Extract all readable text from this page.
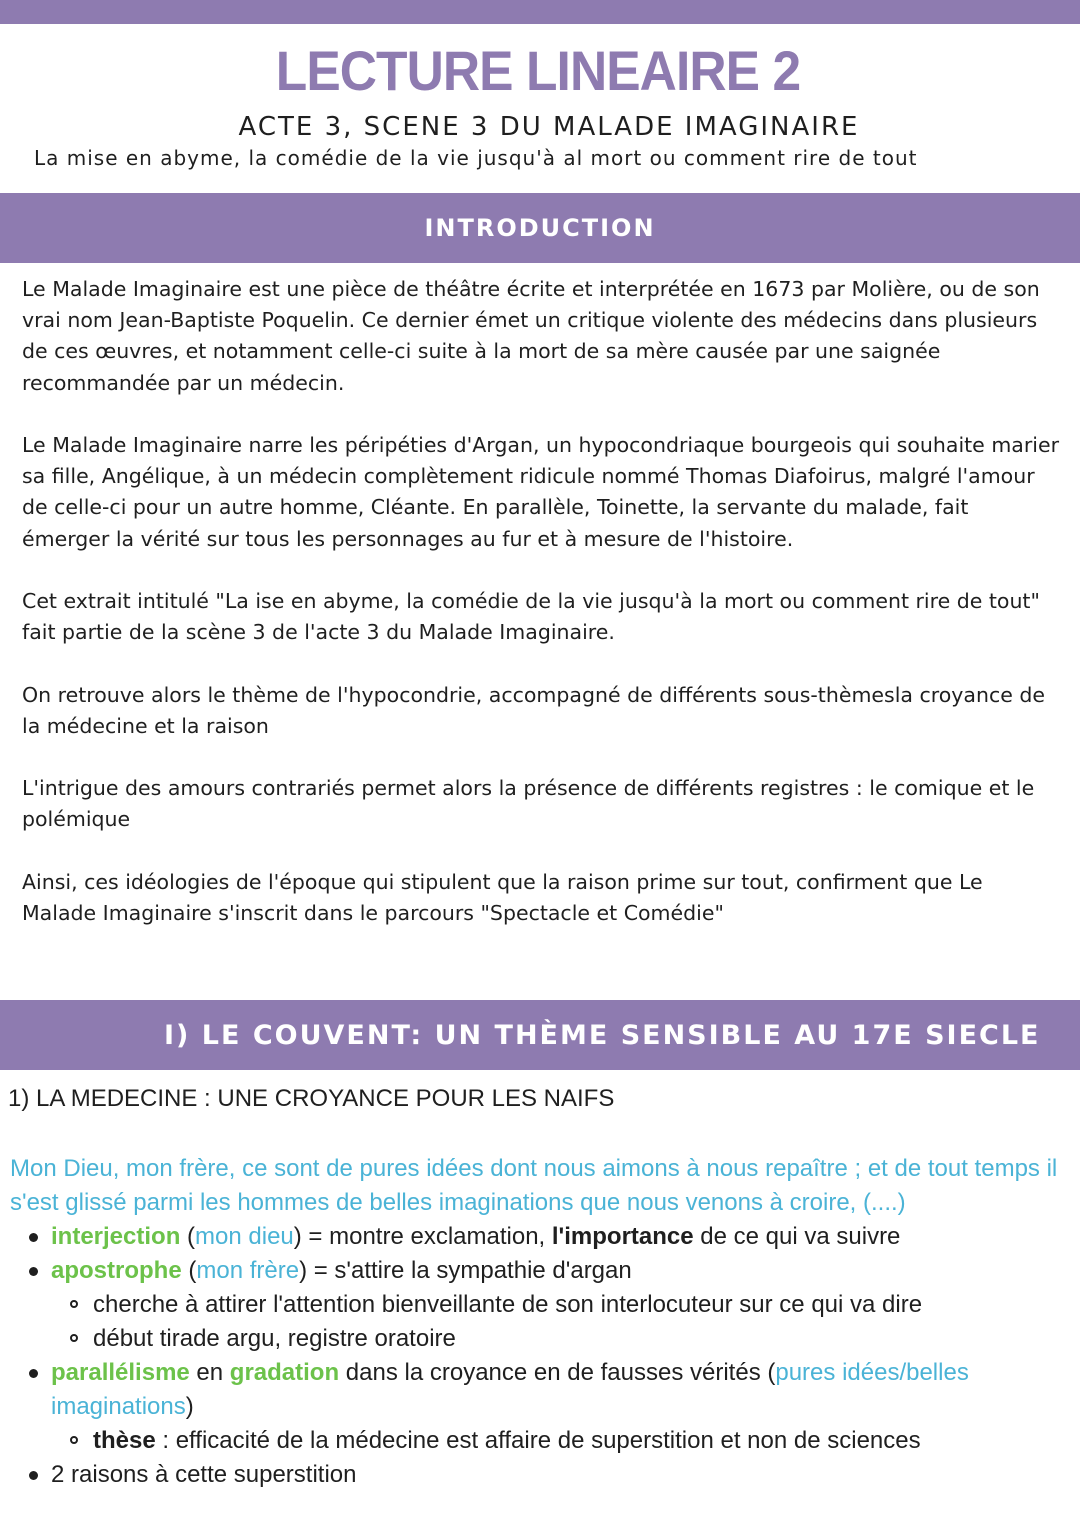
LECTURE LINEAIRE 2
ACTE 3, SCENE 3 DU MALADE IMAGINAIRE
La mise en abyme, la comédie de la vie jusqu'à al mort ou comment rire de tout
INTRODUCTION

Le Malade Imaginaire est une pièce de théâtre écrite et interprétée en 1673 par Molière, ou de son vrai nom Jean-Baptiste Poquelin. Ce dernier émet un critique violente des médecins dans plusieurs de ces œuvres, et notamment celle-ci suite à la mort de sa mère causée par une saignée recommandée par un médecin.

Le Malade Imaginaire narre les péripéties d'Argan, un hypocondriaque bourgeois qui souhaite marier sa fille, Angélique, à un médecin complètement ridicule nommé Thomas Diafoirus, malgré l'amour de celle-ci pour un autre homme, Cléante. En parallèle, Toinette, la servante du malade, fait émerger la vérité sur tous les personnages au fur et à mesure de l'histoire.

Cet extrait intitulé "La ise en abyme, la comédie de la vie jusqu'à la mort ou comment rire de tout" fait partie de la scène 3 de l'acte 3 du Malade Imaginaire.

On retrouve alors le thème de l'hypocondrie, accompagné de différents sous-thèmesla croyance de la médecine et la raison

L'intrigue des amours contrariés permet alors la présence de différents registres : le comique et le polémique

Ainsi, ces idéologies de l'époque qui stipulent que la raison prime sur tout, confirment que Le Malade Imaginaire s'inscrit dans le parcours "Spectacle et Comédie"

I) LE COUVENT: UN THÈME SENSIBLE AU 17E SIECLE

1) LA MEDECINE : UNE CROYANCE POUR LES NAIFS

Mon Dieu, mon frère, ce sont de pures idées dont nous aimons à nous repaître ; et de tout temps il s'est glissé parmi les hommes de belles imaginations que nous venons à croire, (....)

interjection (mon dieu) = montre exclamation, l'importance de ce qui va suivre
apostrophe (mon frère) = s'attire la sympathie d'argan
cherche à attirer l'attention bienveillante de son interlocuteur sur ce qui va dire
début tirade argu, registre oratoire
parallélisme en gradation dans la croyance en de fausses vérités (pures idées/belles imaginations)
thèse : efficacité de la médecine est affaire de superstition et non de sciences
2 raisons à cette superstition
